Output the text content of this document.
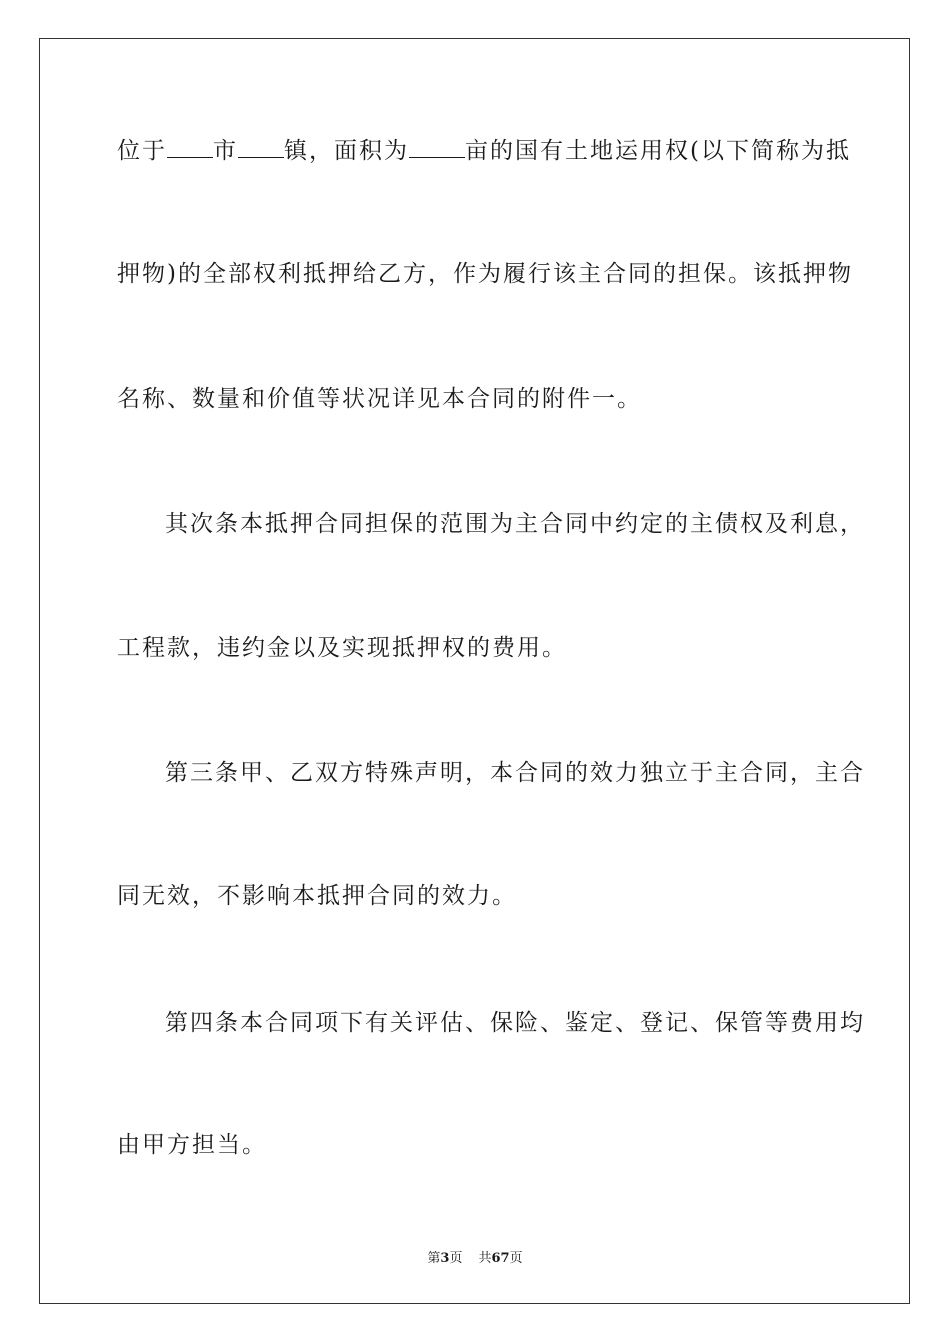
位于 市 镇，面积为 亩的国有土地运用权(以下简称为抵
押物)的全部权利抵押给乙方，作为履行该主合同的担保。该抵押物
名称、数量和价值等状况详见本合同的附件一。
其次条本抵押合同担保的范围为主合同中约定的主债权及利息，
工程款，违约金以及实现抵押权的费用。
第三条甲、乙双方特殊声明，本合同的效力独立于主合同，主合
同无效，不影响本抵押合同的效力。
第四条本合同项下有关评估、保险、鉴定、登记、保管等费用均
由甲方担当。
第3页 共67页
